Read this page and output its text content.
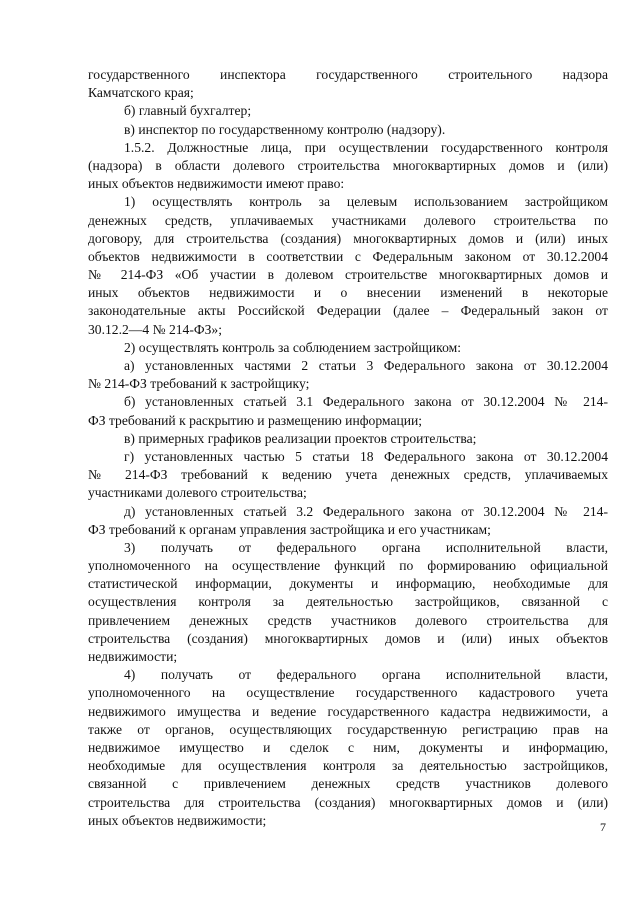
государственного инспектора государственного строительного надзора
Камчатского края;
б) главный бухгалтер;
в) инспектор по государственному контролю (надзору).
1.5.2. Должностные лица, при осуществлении государственного контроля
(надзора) в области долевого строительства многоквартирных домов и (или)
иных объектов недвижимости имеют право:
1) осуществлять контроль за целевым использованием застройщиком
денежных средств, уплачиваемых участниками долевого строительства по
договору, для строительства (создания) многоквартирных домов и (или) иных
объектов недвижимости в соответствии с Федеральным законом от 30.12.2004
№ 214-ФЗ «Об участии в долевом строительстве многоквартирных домов и
иных объектов недвижимости и о внесении изменений в некоторые
законодательные акты Российской Федерации (далее – Федеральный закон от
30.12.2—4 № 214-ФЗ»;
2) осуществлять контроль за соблюдением застройщиком:
а) установленных частями 2 статьи 3 Федерального закона от 30.12.2004
№ 214-ФЗ требований к застройщику;
б) установленных статьей 3.1 Федерального закона от 30.12.2004 № 214-
ФЗ требований к раскрытию и размещению информации;
в) примерных графиков реализации проектов строительства;
г) установленных частью 5 статьи 18 Федерального закона от 30.12.2004
№ 214-ФЗ требований к ведению учета денежных средств, уплачиваемых
участниками долевого строительства;
д) установленных статьей 3.2 Федерального закона от 30.12.2004 № 214-
ФЗ требований к органам управления застройщика и его участникам;
3) получать от федерального органа исполнительной власти,
уполномоченного на осуществление функций по формированию официальной
статистической информации, документы и информацию, необходимые для
осуществления контроля за деятельностью застройщиков, связанной с
привлечением денежных средств участников долевого строительства для
строительства (создания) многоквартирных домов и (или) иных объектов
недвижимости;
4) получать от федерального органа исполнительной власти,
уполномоченного на осуществление государственного кадастрового учета
недвижимого имущества и ведение государственного кадастра недвижимости, а
также от органов, осуществляющих государственную регистрацию прав на
недвижимое имущество и сделок с ним, документы и информацию,
необходимые для осуществления контроля за деятельностью застройщиков,
связанной с привлечением денежных средств участников долевого
строительства для строительства (создания) многоквартирных домов и (или)
иных объектов недвижимости;	7
